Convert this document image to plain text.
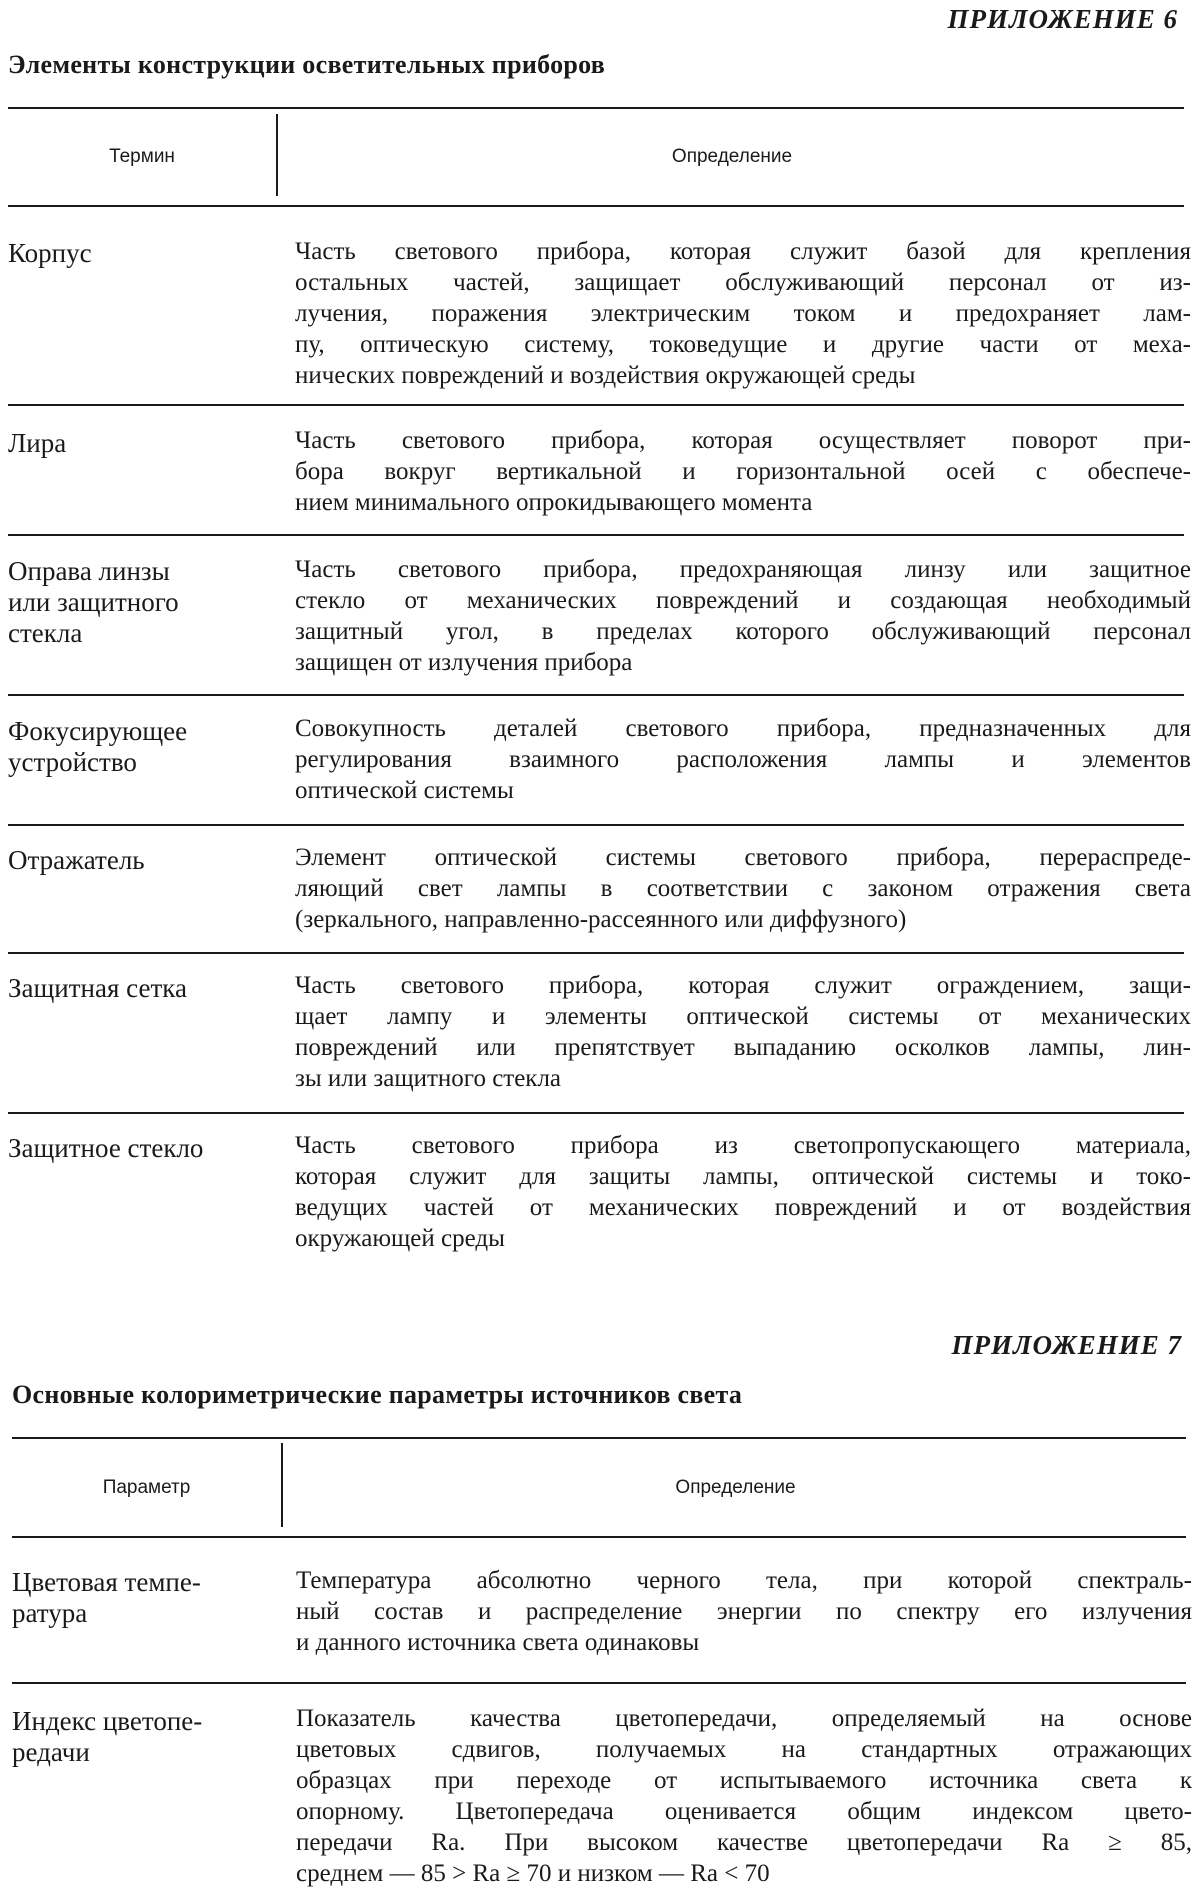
ПРИЛОЖЕНИЕ 6
Элементы конструкции осветительных приборов
Термин	Определение
Корпус	Часть светового прибора, которая служит базой для крепления
остальных частей, защищает обслуживающий персонал от из-
лучения, поражения электрическим током и предохраняет лам-
пу, оптическую систему, токоведущие и другие части от меха-
нических повреждений и воздействия окружающей среды
Лира	Часть светового прибора, которая осуществляет поворот при-
бора вокруг вертикальной и горизонтальной осей с обеспече-
нием минимального опрокидывающего момента
Оправа линзы
или защитного
стекла
Часть светового прибора, предохраняющая линзу или защитное
стекло от механических повреждений и создающая необходимый
защитный угол, в пределах которого обслуживающий персонал
защищен от излучения прибора
Фокусирующее
устройство
Совокупность деталей светового прибора, предназначенных для
регулирования взаимного расположения лампы и элементов
оптической системы
Отражатель	Элемент оптической системы светового прибора, перераспреде-
ляющий свет лампы в соответствии с законом отражения света
(зеркального, направленно-рассеянного или диффузного)
Защитная сетка	Часть светового прибора, которая служит ограждением, защи-
щает лампу и элементы оптической системы от механических
повреждений или препятствует выпаданию осколков лампы, лин-
зы или защитного стекла
Защитное стекло	Часть светового прибора из светопропускающего материала,
которая служит для защиты лампы, оптической системы и токо-
ведущих частей от механических повреждений и от воздействия
окружающей среды
ПРИЛОЖЕНИЕ 7
Основные колориметрические параметры источников света
Параметр	Определение
Цветовая темпе-
ратура
Температура абсолютно черного тела, при которой спектраль-
ный состав и распределение энергии по спектру его излучения
и данного источника света одинаковы
Индекс цветопе-
редачи
Показатель качества цветопередачи, определяемый на основе
цветовых сдвигов, получаемых на стандартных отражающих
образцах при переходе от испытываемого источника света к
опорному. Цветопередача оценивается общим индексом цвето-
передачи Ra. При высоком качестве цветопередачи Ra ≥ 85,
среднем — 85 > Ra ≥ 70 и низком — Ra < 70
